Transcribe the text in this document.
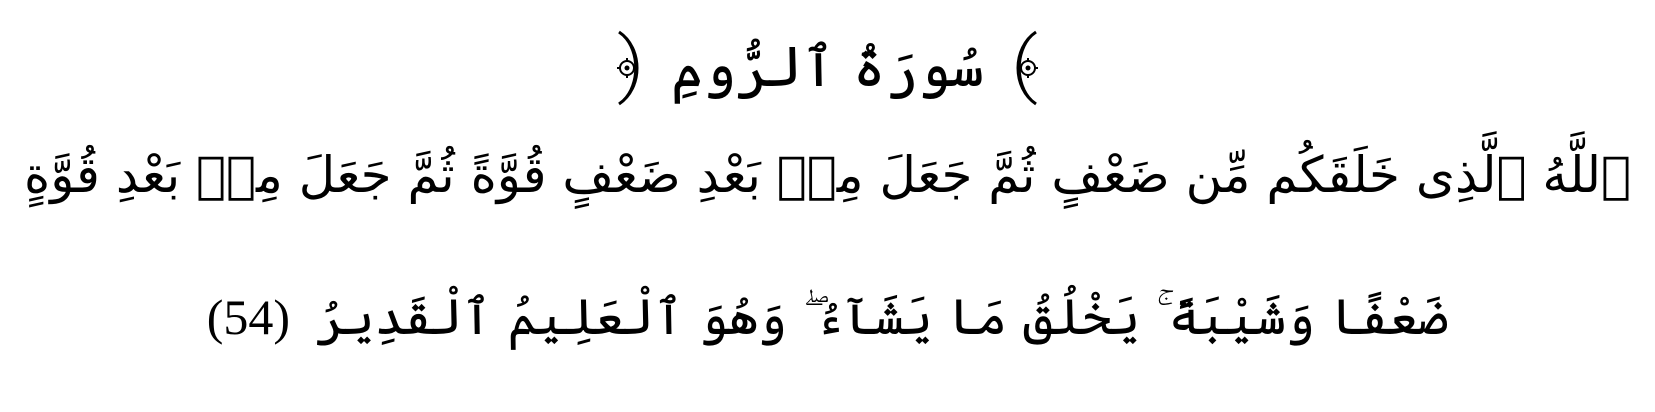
سُورَةُ ٱلرُّومِ
ٱللَّهُ ٱلَّذِى خَلَقَكُم مِّن ضَعْفٍ ثُمَّ جَعَلَ مِنۢ بَعْدِ ضَعْفٍ قُوَّةً ثُمَّ جَعَلَ مِنۢ بَعْدِ قُوَّةٍ
ضَعْفًا وَشَيْبَةً ۚ يَخْلُقُ مَا يَشَآءُ ۖ وَهُوَ ٱلْعَلِيمُ ٱلْقَدِيرُ (54)
